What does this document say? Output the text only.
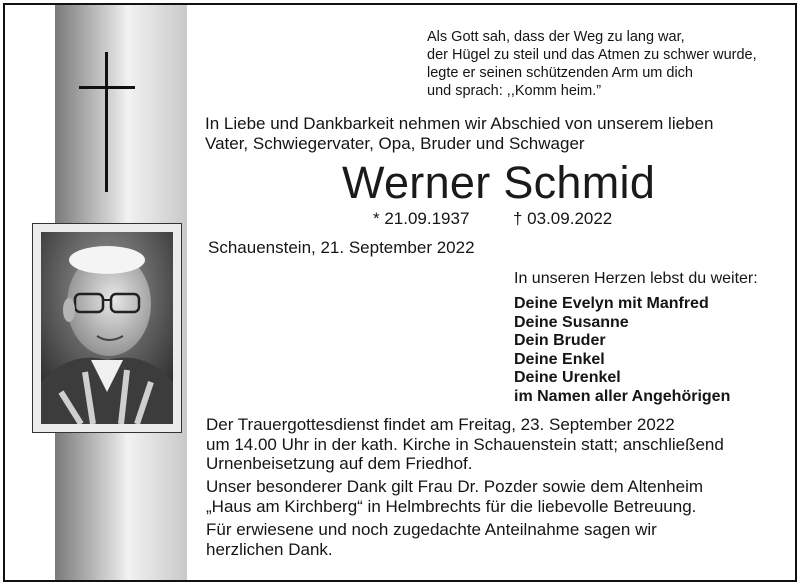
Als Gott sah, dass der Weg zu lang war,
der Hügel zu steil und das Atmen zu schwer wurde,
legte er seinen schützenden Arm um dich
und sprach: ,,Komm heim.”
In Liebe und Dankbarkeit nehmen wir Abschied von unserem lieben
Vater, Schwiegervater, Opa, Bruder und Schwager
Werner Schmid
* 21.09.1937	† 03.09.2022
Schauenstein, 21. September 2022
In unseren Herzen lebst du weiter:
Deine Evelyn mit Manfred
Deine Susanne
Dein Bruder
Deine Enkel
Deine Urenkel
im Namen aller Angehörigen
Der Trauergottesdienst findet am Freitag, 23. September 2022
um 14.00 Uhr in der kath. Kirche in Schauenstein statt; anschließend
Urnenbeisetzung auf dem Friedhof.
Unser besonderer Dank gilt Frau Dr. Pozder sowie dem Altenheim
„Haus am Kirchberg“ in Helmbrechts für die liebevolle Betreuung.
Für erwiesene und noch zugedachte Anteilnahme sagen wir
herzlichen Dank.
